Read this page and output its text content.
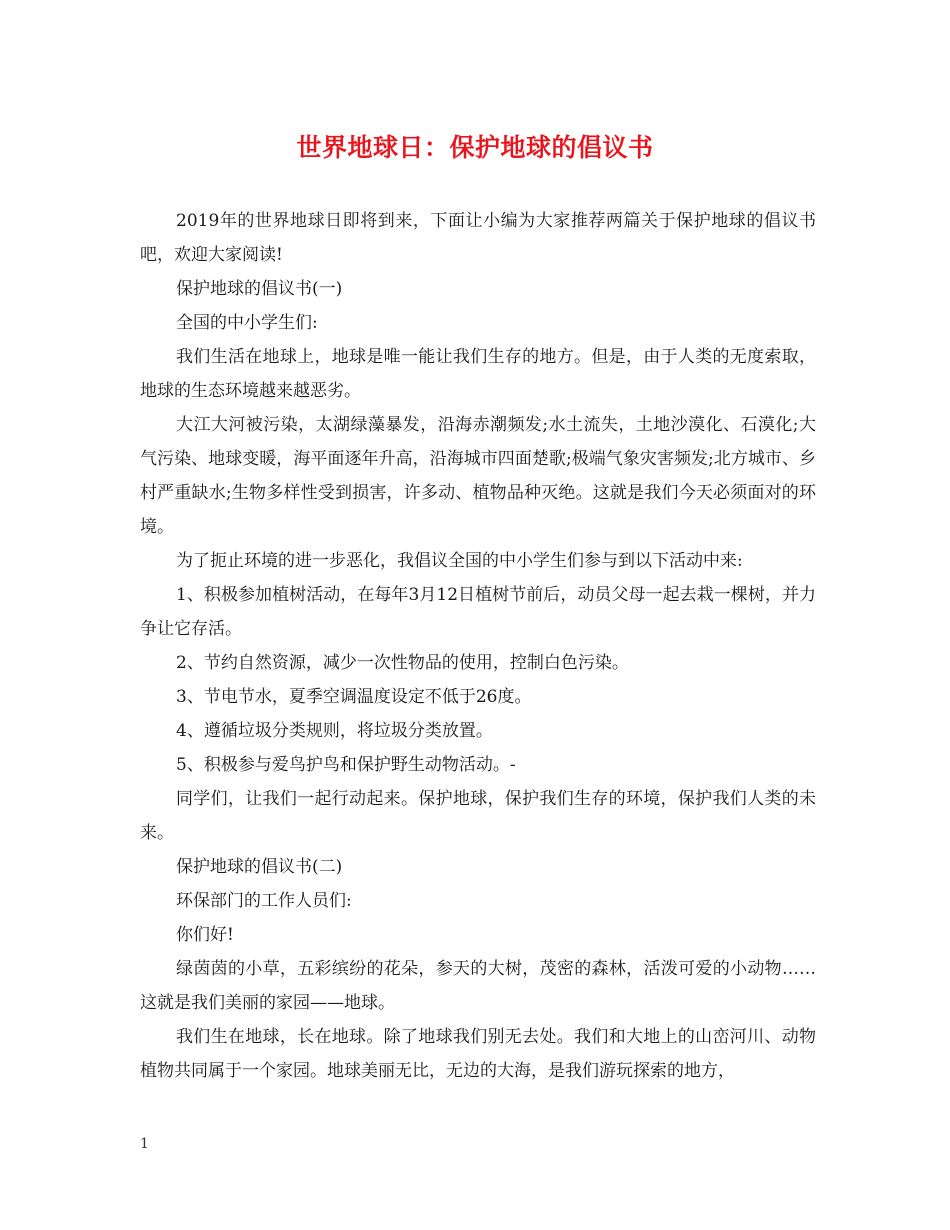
世界地球日：保护地球的倡议书

2019年的世界地球日即将到来，下面让小编为大家推荐两篇关于保护地球的倡议书吧，欢迎大家阅读!

保护地球的倡议书(一)

全国的中小学生们:

我们生活在地球上，地球是唯一能让我们生存的地方。但是，由于人类的无度索取，地球的生态环境越来越恶劣。

大江大河被污染，太湖绿藻暴发，沿海赤潮频发;水土流失，土地沙漠化、石漠化;大气污染、地球变暖，海平面逐年升高，沿海城市四面楚歌;极端气象灾害频发;北方城市、乡村严重缺水;生物多样性受到损害，许多动、植物品种灭绝。这就是我们今天必须面对的环境。

为了扼止环境的进一步恶化，我倡议全国的中小学生们参与到以下活动中来:

1、积极参加植树活动，在每年3月12日植树节前后，动员父母一起去栽一棵树，并力争让它存活。

2、节约自然资源，减少一次性物品的使用，控制白色污染。

3、节电节水，夏季空调温度设定不低于26度。

4、遵循垃圾分类规则，将垃圾分类放置。

5、积极参与爱鸟护鸟和保护野生动物活动。-

同学们，让我们一起行动起来。保护地球，保护我们生存的环境，保护我们人类的未来。

保护地球的倡议书(二)

环保部门的工作人员们:

你们好!

绿茵茵的小草，五彩缤纷的花朵，参天的大树，茂密的森林，活泼可爱的小动物……这就是我们美丽的家园——地球。

我们生在地球，长在地球。除了地球我们别无去处。我们和大地上的山峦河川、动物植物共同属于一个家园。地球美丽无比，无边的大海，是我们游玩探索的地方，

1
